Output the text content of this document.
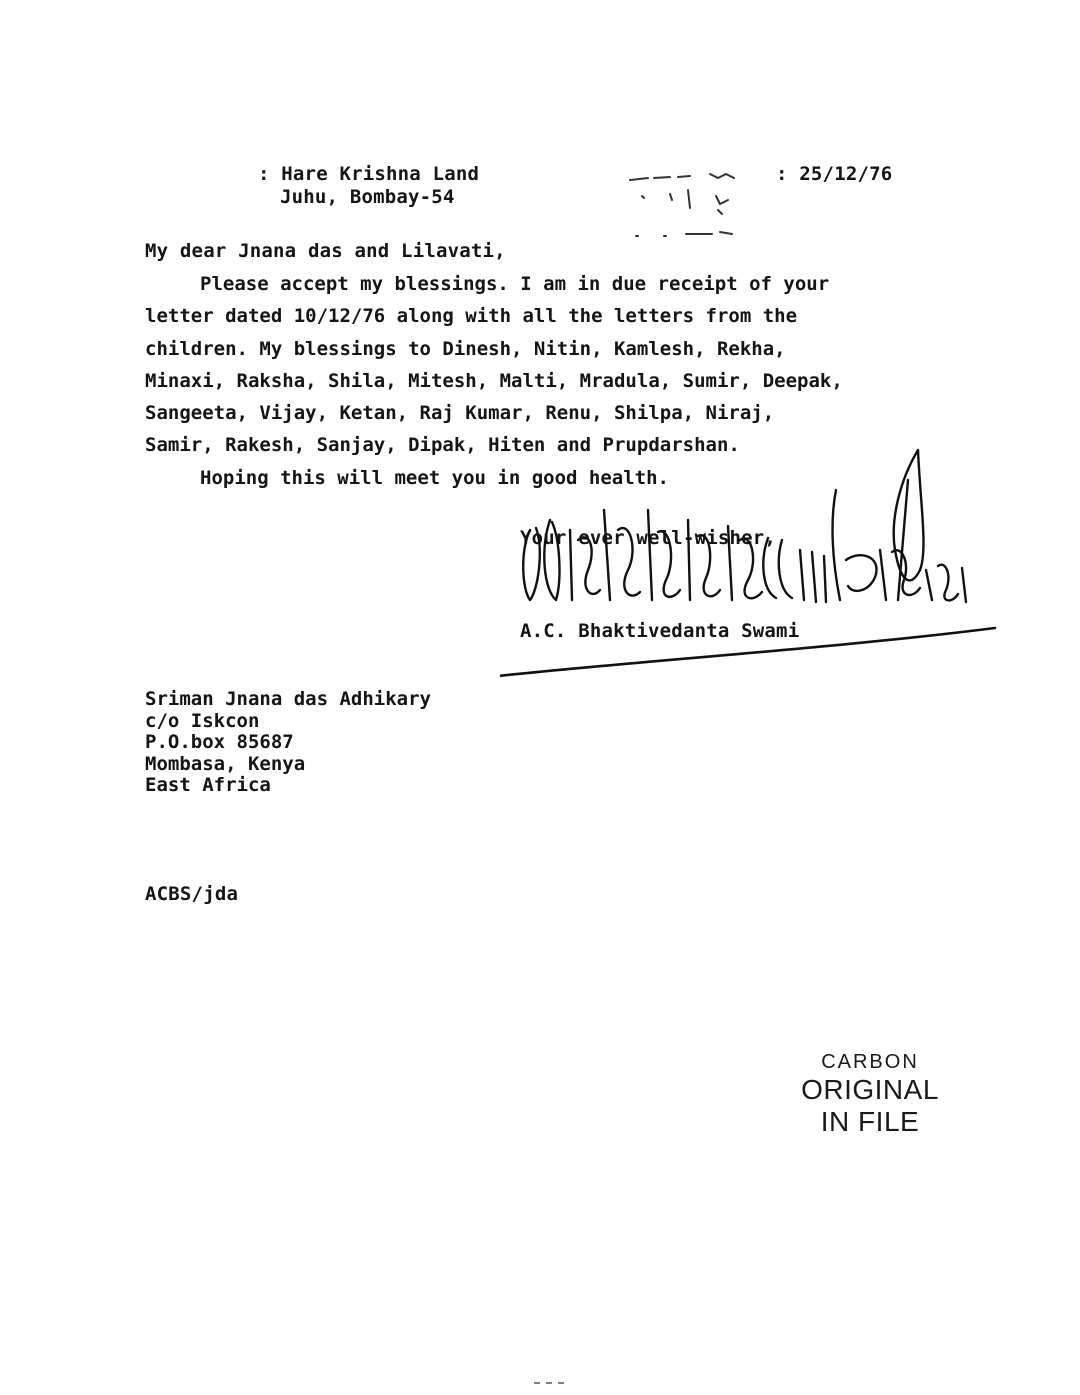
: Hare Krishna Land
Juhu, Bombay-54
: 25/12/76
My dear Jnana das and Lilavati,
Please accept my blessings. I am in due receipt of your
letter dated 10/12/76 along with all the letters from the
children. My blessings to Dinesh, Nitin, Kamlesh, Rekha,
Minaxi, Raksha, Shila, Mitesh, Malti, Mradula, Sumir, Deepak,
Sangeeta, Vijay, Ketan, Raj Kumar, Renu, Shilpa, Niraj,
Samir, Rakesh, Sanjay, Dipak, Hiten and Prupdarshan.
Hoping this will meet you in good health.
Your ever well-wisher,
A.C. Bhaktivedanta Swami
Sriman Jnana das Adhikary
c/o Iskcon
P.O.box 85687
Mombasa, Kenya
East Africa
ACBS/jda
CARBON
ORIGINAL
IN FILE
